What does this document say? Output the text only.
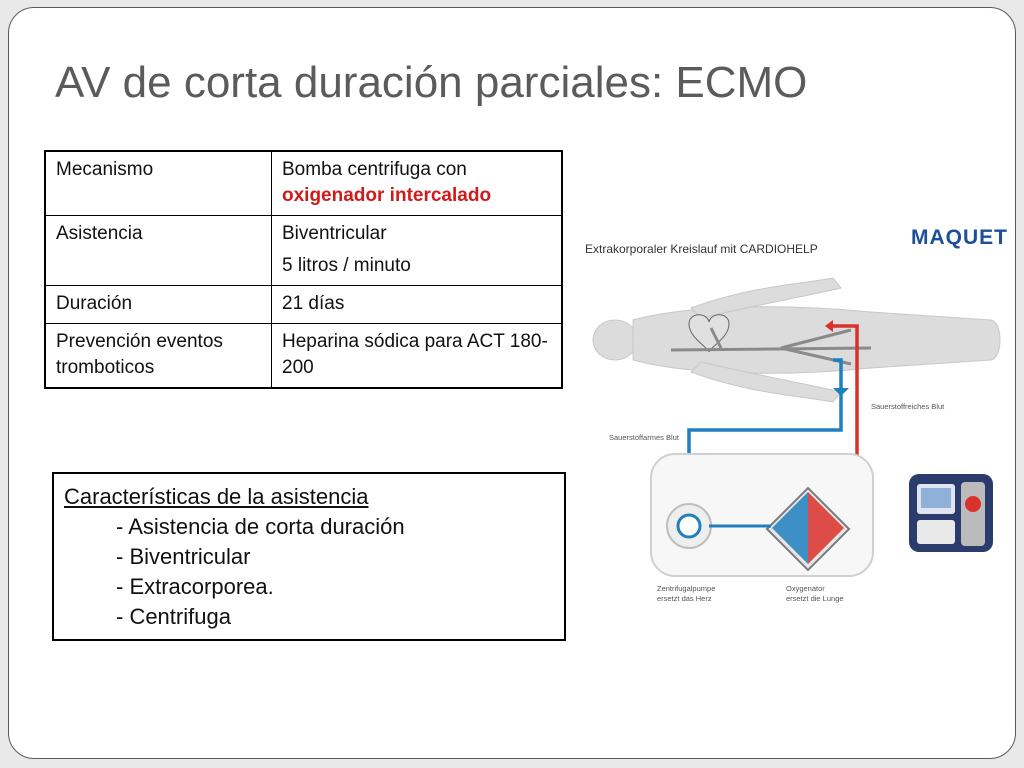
AV de corta duración parciales: ECMO
Mecanismo	Bomba centrifuga con
oxigenador intercalado

Asistencia	Biventricular
5 litros / minuto

Duración	21 días
Prevención eventos trombοticos	Heparina sódica para ACT 180-200
Características de la asistencia
- Asistencia de corta duración
- Biventricular
- Extracorporea.
- Centrifuga
MAQUET
Extrakorporaler Kreislauf mit CARDIOHELP
Sauerstoffarmes Blut
Sauerstoffreiches Blut
Zentrifugalpumpe
ersetzt das Herz
Oxygenator
ersetzt die Lunge
